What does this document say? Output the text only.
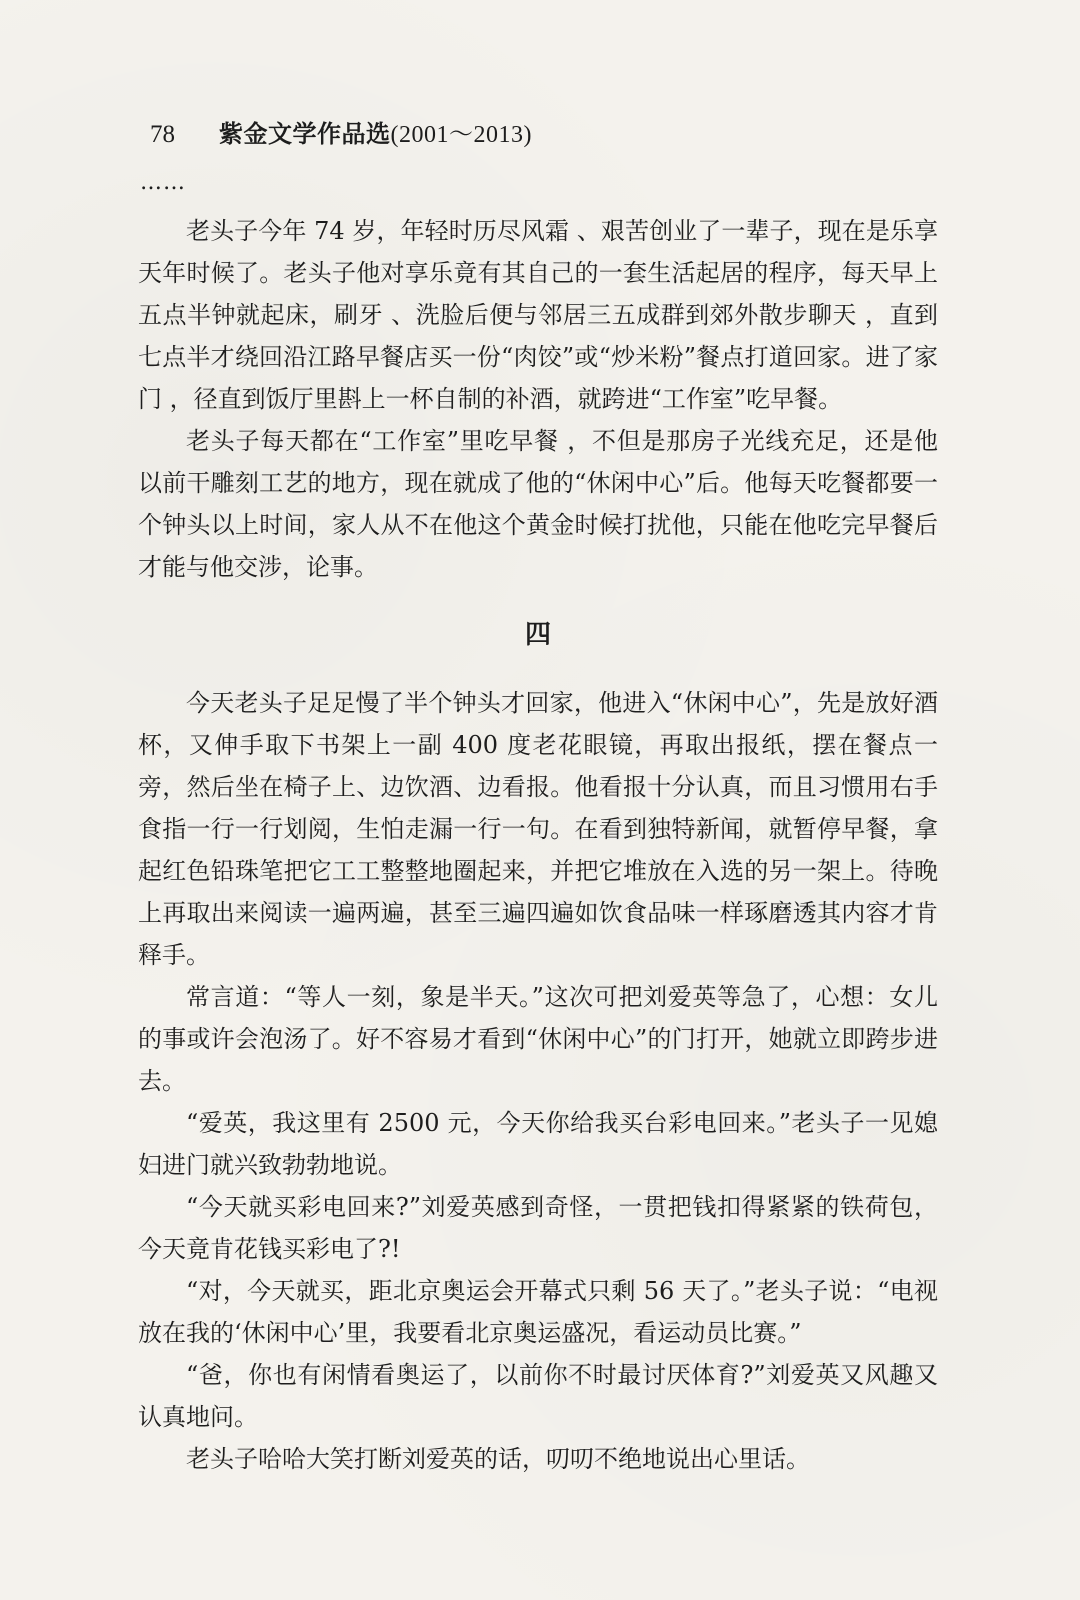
78 紫金文学作品选(2001～2013)
……

老头子今年 74 岁，年轻时历尽风霜 、艰苦创业了一辈子，现在是乐享天年时候了。老头子他对享乐竟有其自己的一套生活起居的程序，每天早上五点半钟就起床，刷牙 、洗脸后便与邻居三五成群到郊外散步聊天 ，直到七点半才绕回沿江路早餐店买一份“肉饺”或“炒米粉”餐点打道回家。进了家门 ，径直到饭厅里斟上一杯自制的补酒，就跨进“工作室”吃早餐。

老头子每天都在“工作室”里吃早餐 ，不但是那房子光线充足，还是他以前干雕刻工艺的地方，现在就成了他的“休闲中心”后。他每天吃餐都要一个钟头以上时间，家人从不在他这个黄金时候打扰他，只能在他吃完早餐后才能与他交涉，论事。

四

今天老头子足足慢了半个钟头才回家，他进入“休闲中心”，先是放好酒杯，又伸手取下书架上一副 400 度老花眼镜，再取出报纸，摆在餐点一旁，然后坐在椅子上、边饮酒、边看报。他看报十分认真，而且习惯用右手食指一行一行划阅，生怕走漏一行一句。在看到独特新闻，就暂停早餐，拿起红色铅珠笔把它工工整整地圈起来，并把它堆放在入选的另一架上。待晚上再取出来阅读一遍两遍，甚至三遍四遍如饮食品味一样琢磨透其内容才肯释手。

常言道：“等人一刻，象是半天。”这次可把刘爱英等急了，心想：女儿的事或许会泡汤了。好不容易才看到“休闲中心”的门打开，她就立即跨步进去。

“爱英，我这里有 2500 元，今天你给我买台彩电回来。”老头子一见媳妇进门就兴致勃勃地说。

“今天就买彩电回来?”刘爱英感到奇怪，一贯把钱扣得紧紧的铁荷包，今天竟肯花钱买彩电了?!

“对，今天就买，距北京奥运会开幕式只剩 56 天了。”老头子说：“电视放在我的‘休闲中心’里，我要看北京奥运盛况，看运动员比赛。”

“爸，你也有闲情看奥运了，以前你不时最讨厌体育?”刘爱英又风趣又认真地问。

老头子哈哈大笑打断刘爱英的话，叨叨不绝地说出心里话。
